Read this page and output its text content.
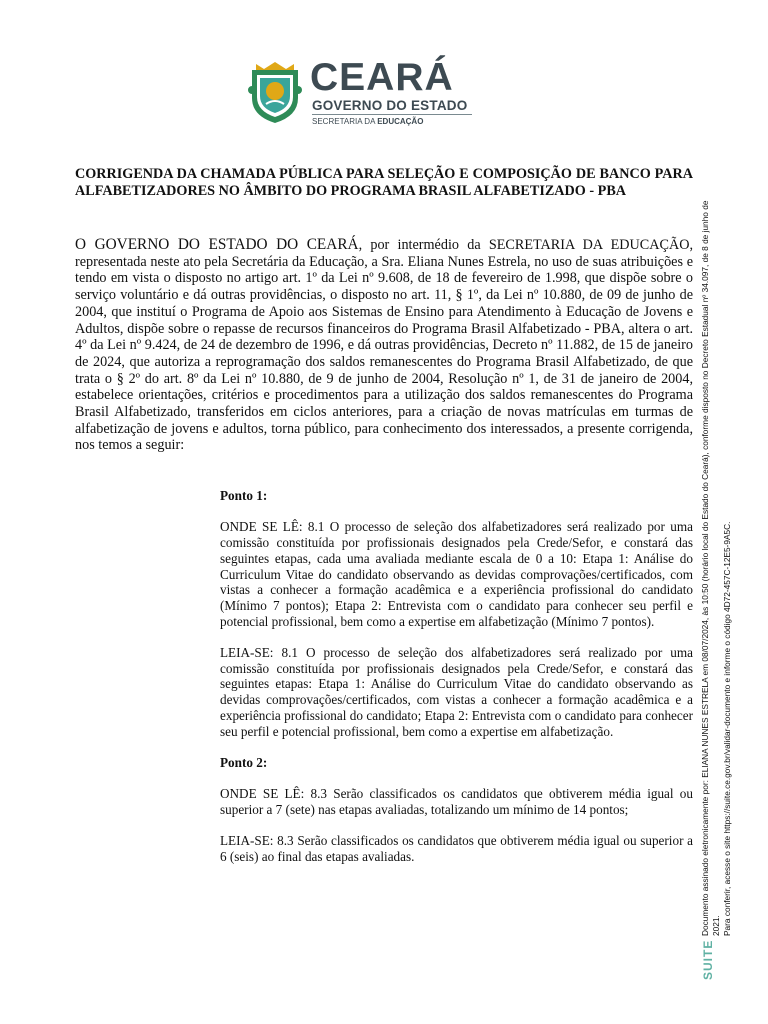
CEARÁ
GOVERNO DO ESTADO
SECRETARIA DA EDUCAÇÃO

CORRIGENDA DA CHAMADA PÚBLICA PARA SELEÇÃO E COMPOSIÇÃO DE BANCO PARA ALFABETIZADORES NO ÂMBITO DO PROGRAMA BRASIL ALFABETIZADO - PBA

O GOVERNO DO ESTADO DO CEARÁ, por intermédio da SECRETARIA DA EDUCAÇÃO, representada neste ato pela Secretária da Educação, a Sra. Eliana Nunes Estrela, no uso de suas atribuições e tendo em vista o disposto no artigo art. 1º da Lei nº 9.608, de 18 de fevereiro de 1.998, que dispõe sobre o serviço voluntário e dá outras providências, o disposto no art. 11, § 1º, da Lei nº 10.880, de 09 de junho de 2004, que instituí o Programa de Apoio aos Sistemas de Ensino para Atendimento à Educação de Jovens e Adultos, dispõe sobre o repasse de recursos financeiros do Programa Brasil Alfabetizado - PBA, altera o art. 4º da Lei nº 9.424, de 24 de dezembro de 1996, e dá outras providências, Decreto nº 11.882, de 15 de janeiro de 2024, que autoriza a reprogramação dos saldos remanescentes do Programa Brasil Alfabetizado, de que trata o § 2º do art. 8º da Lei nº 10.880, de 9 de junho de 2004, Resolução nº 1, de 31 de janeiro de 2004, estabelece orientações, critérios e procedimentos para a utilização dos saldos remanescentes do Programa Brasil Alfabetizado, transferidos em ciclos anteriores, para a criação de novas matrículas em turmas de alfabetização de jovens e adultos, torna público, para conhecimento dos interessados, a presente corrigenda, nos temos a seguir:

Ponto 1:

ONDE SE LÊ: 8.1 O processo de seleção dos alfabetizadores será realizado por uma comissão constituída por profissionais designados pela Crede/Sefor, e constará das seguintes etapas, cada uma avaliada mediante escala de 0 a 10: Etapa 1: Análise do Curriculum Vitae do candidato observando as devidas comprovações/certificados, com vistas a conhecer a formação acadêmica e a experiência profissional do candidato (Mínimo 7 pontos); Etapa 2: Entrevista com o candidato para conhecer seu perfil e potencial profissional, bem como a expertise em alfabetização (Mínimo 7 pontos).

LEIA-SE: 8.1 O processo de seleção dos alfabetizadores será realizado por uma comissão constituída por profissionais designados pela Crede/Sefor, e constará das seguintes etapas: Etapa 1: Análise do Curriculum Vitae do candidato observando as devidas comprovações/certificados, com vistas a conhecer a formação acadêmica e a experiência profissional do candidato; Etapa 2: Entrevista com o candidato para conhecer seu perfil e potencial profissional, bem como a expertise em alfabetização.

Ponto 2:

ONDE SE LÊ: 8.3 Serão classificados os candidatos que obtiverem média igual ou superior a 7 (sete) nas etapas avaliadas, totalizando um mínimo de 14 pontos;

LEIA-SE: 8.3 Serão classificados os candidatos que obtiverem média igual ou superior a 6 (seis) ao final das etapas avaliadas.

SUITE
Documento assinado eletronicamente por: ELIANA NUNES ESTRELA em 08/07/2024, às 10:50 (horário local do Estado do Ceará), conforme disposto no Decreto Estadual nº 34.097, de 8 de junho de 2021. Para conferir, acesse o site https://suite.ce.gov.br/validar-documento e informe o código 4D72-457C-12E5-9A5C.
